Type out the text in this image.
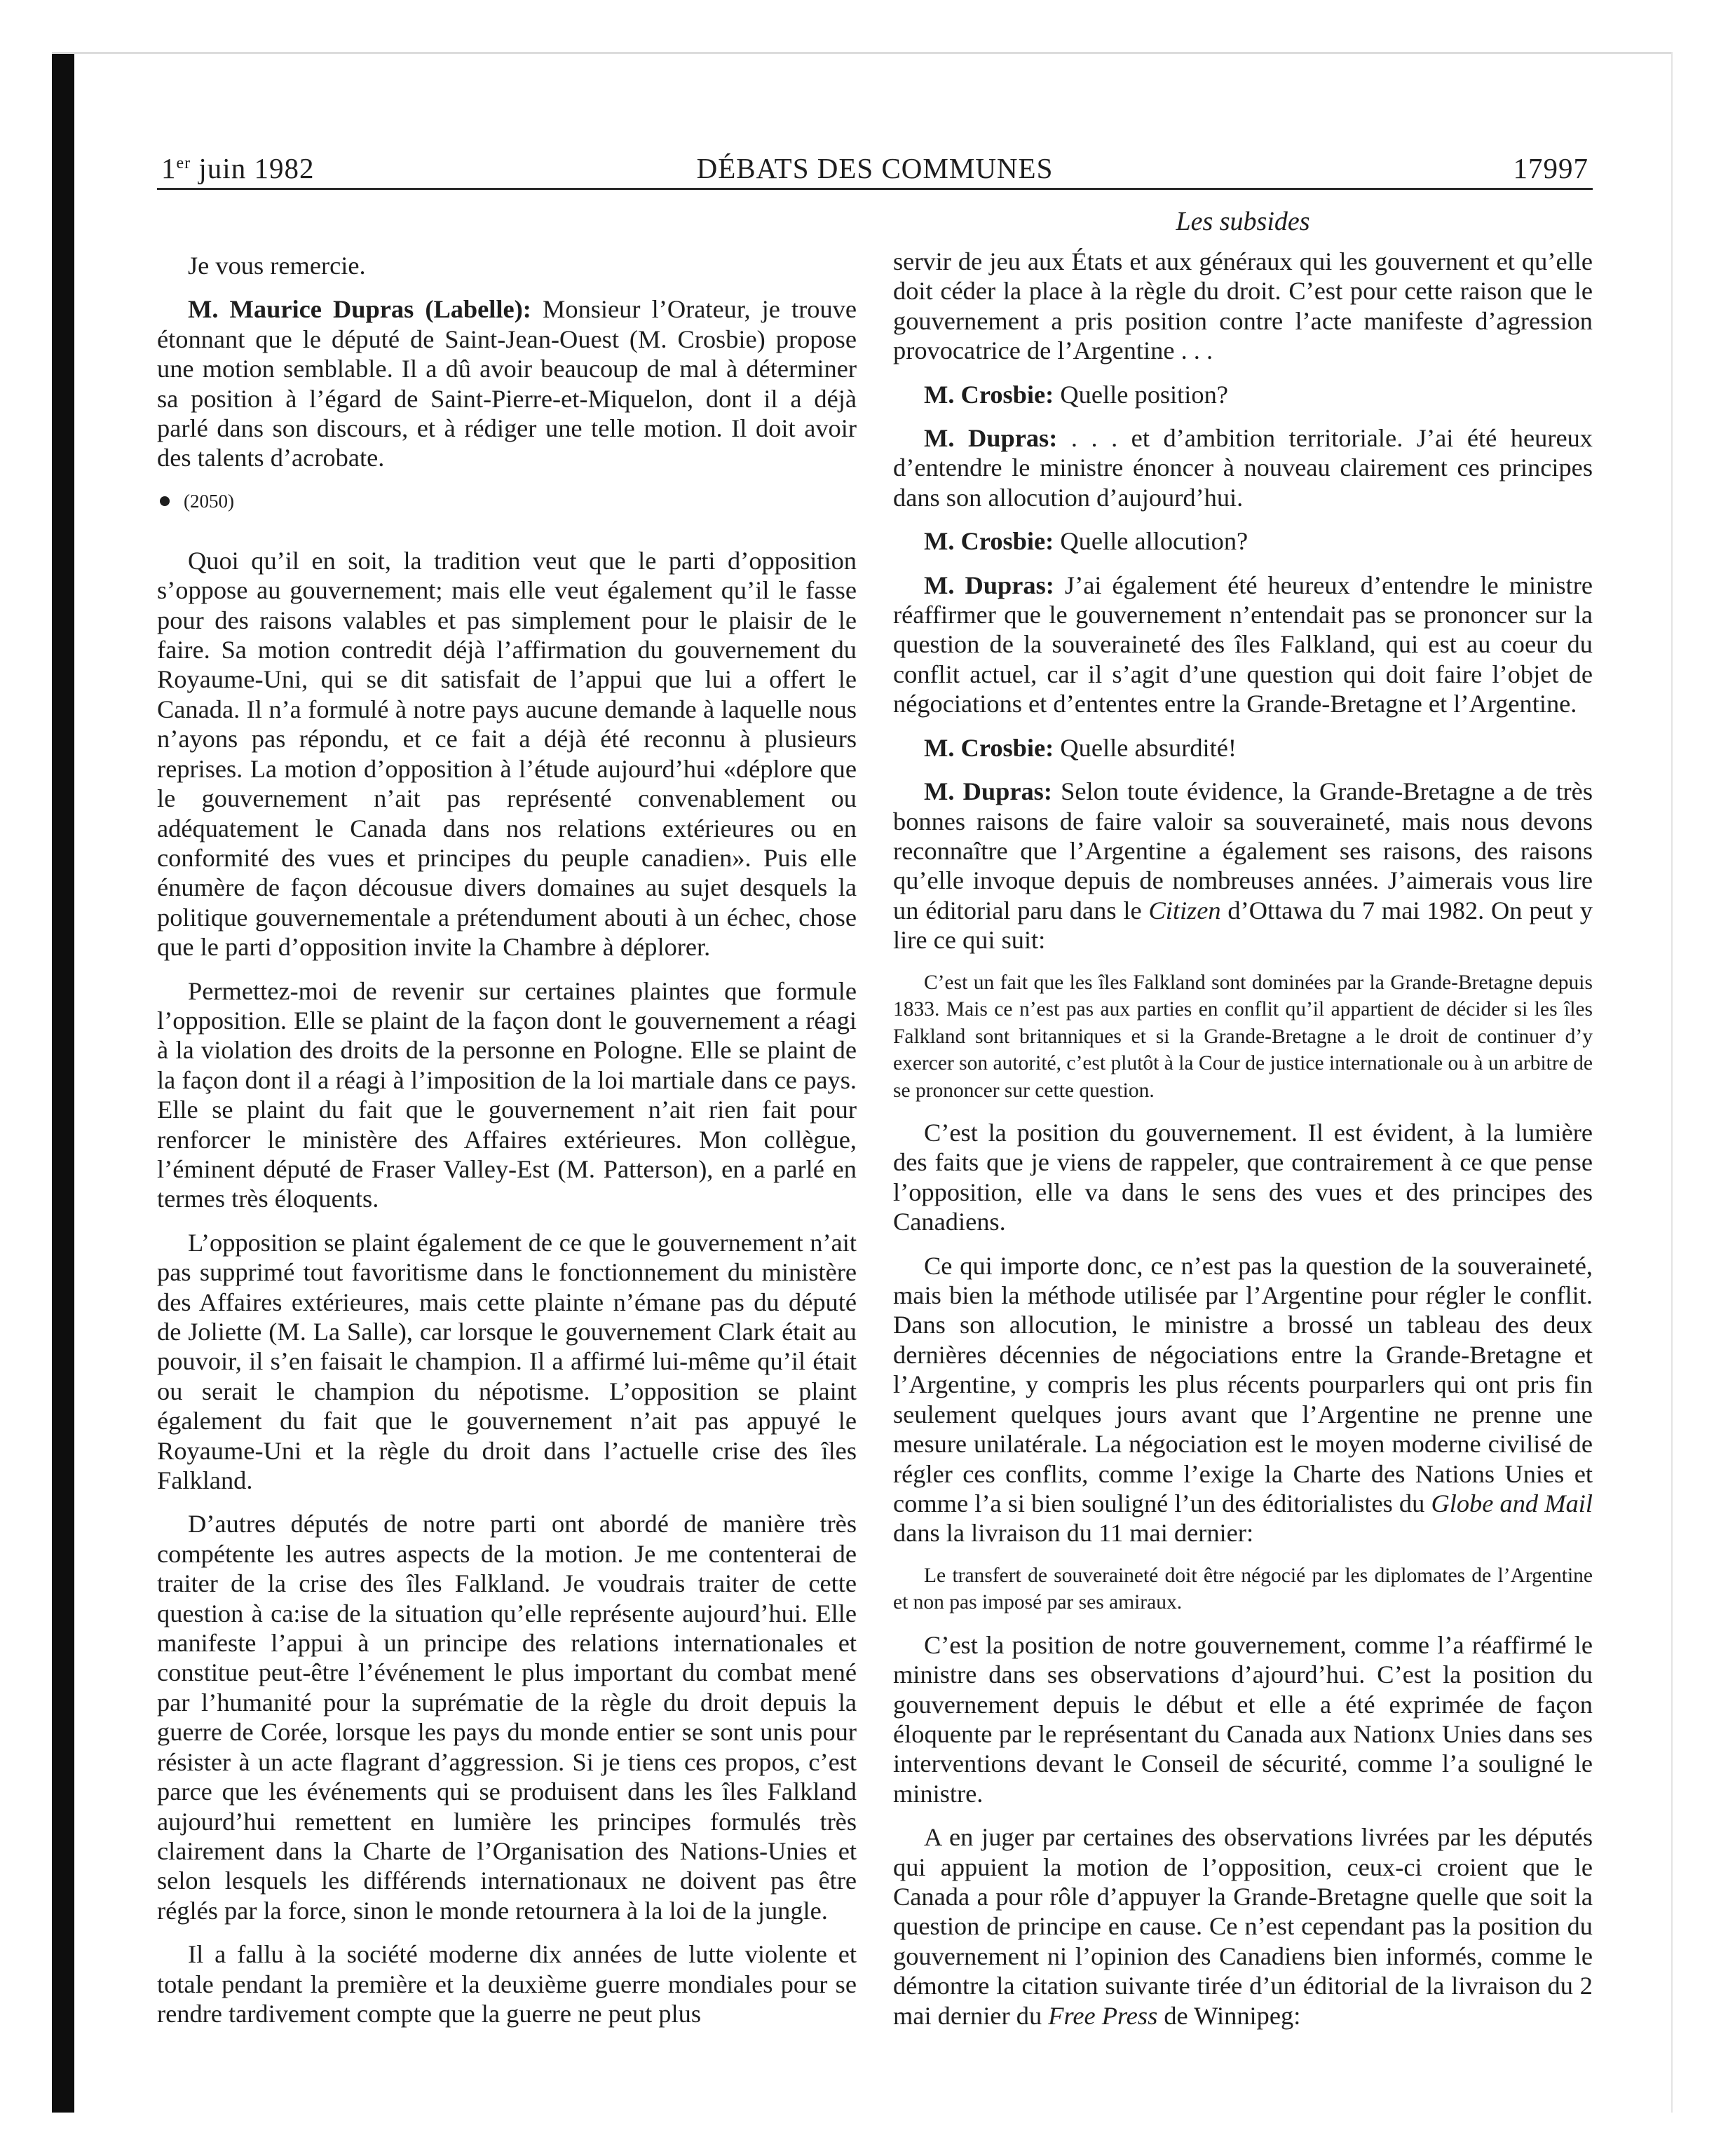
1er juin 1982	DÉBATS DES COMMUNES	17997
Les subsides

Je vous remercie.

M. Maurice Dupras (Labelle): Monsieur l’Orateur, je trouve étonnant que le député de Saint-Jean-Ouest (M. Crosbie) propose une motion semblable. Il a dû avoir beaucoup de mal à déterminer sa position à l’égard de Saint-Pierre-et-Miquelon, dont il a déjà parlé dans son discours, et à rédiger une telle motion. Il doit avoir des talents d’acrobate.

(2050)

Quoi qu’il en soit, la tradition veut que le parti d’opposition s’oppose au gouvernement; mais elle veut également qu’il le fasse pour des raisons valables et pas simplement pour le plaisir de le faire. Sa motion contredit déjà l’affirmation du gouvernement du Royaume-Uni, qui se dit satisfait de l’appui que lui a offert le Canada. Il n’a formulé à notre pays aucune demande à laquelle nous n’ayons pas répondu, et ce fait a déjà été reconnu à plusieurs reprises. La motion d’opposition à l’étude aujourd’hui «déplore que le gouvernement n’ait pas représenté convenablement ou adéquatement le Canada dans nos relations extérieures ou en conformité des vues et principes du peuple canadien». Puis elle énumère de façon décousue divers domaines au sujet desquels la politique gouvernementale a prétendument abouti à un échec, chose que le parti d’opposition invite la Chambre à déplorer.

Permettez-moi de revenir sur certaines plaintes que formule l’opposition. Elle se plaint de la façon dont le gouvernement a réagi à la violation des droits de la personne en Pologne. Elle se plaint de la façon dont il a réagi à l’imposition de la loi martiale dans ce pays. Elle se plaint du fait que le gouvernement n’ait rien fait pour renforcer le ministère des Affaires extérieures. Mon collègue, l’éminent député de Fraser Valley-Est (M. Patterson), en a parlé en termes très éloquents.

L’opposition se plaint également de ce que le gouvernement n’ait pas supprimé tout favoritisme dans le fonctionnement du ministère des Affaires extérieures, mais cette plainte n’émane pas du député de Joliette (M. La Salle), car lorsque le gouvernement Clark était au pouvoir, il s’en faisait le champion. Il a affirmé lui-même qu’il était ou serait le champion du népotisme. L’opposition se plaint également du fait que le gouvernement n’ait pas appuyé le Royaume-Uni et la règle du droit dans l’actuelle crise des îles Falkland.

D’autres députés de notre parti ont abordé de manière très compétente les autres aspects de la motion. Je me contenterai de traiter de la crise des îles Falkland. Je voudrais traiter de cette question à ca:ise de la situation qu’elle représente aujourd’hui. Elle manifeste l’appui à un principe des relations internationales et constitue peut-être l’événement le plus important du combat mené par l’humanité pour la suprématie de la règle du droit depuis la guerre de Corée, lorsque les pays du monde entier se sont unis pour résister à un acte flagrant d’aggression. Si je tiens ces propos, c’est parce que les événements qui se produisent dans les îles Falkland aujourd’hui remettent en lumière les principes formulés très clairement dans la Charte de l’Organisation des Nations-Unies et selon lesquels les différends internationaux ne doivent pas être réglés par la force, sinon le monde retournera à la loi de la jungle.

Il a fallu à la société moderne dix années de lutte violente et totale pendant la première et la deuxième guerre mondiales pour se rendre tardivement compte que la guerre ne peut plus

servir de jeu aux États et aux généraux qui les gouvernent et qu’elle doit céder la place à la règle du droit. C’est pour cette raison que le gouvernement a pris position contre l’acte manifeste d’agression provocatrice de l’Argentine . . .

M. Crosbie: Quelle position?

M. Dupras: . . . et d’ambition territoriale. J’ai été heureux d’entendre le ministre énoncer à nouveau clairement ces principes dans son allocution d’aujourd’hui.

M. Crosbie: Quelle allocution?

M. Dupras: J’ai également été heureux d’entendre le ministre réaffirmer que le gouvernement n’entendait pas se prononcer sur la question de la souveraineté des îles Falkland, qui est au coeur du conflit actuel, car il s’agit d’une question qui doit faire l’objet de négociations et d’ententes entre la Grande-Bretagne et l’Argentine.

M. Crosbie: Quelle absurdité!

M. Dupras: Selon toute évidence, la Grande-Bretagne a de très bonnes raisons de faire valoir sa souveraineté, mais nous devons reconnaître que l’Argentine a également ses raisons, des raisons qu’elle invoque depuis de nombreuses années. J’aimerais vous lire un éditorial paru dans le Citizen d’Ottawa du 7 mai 1982. On peut y lire ce qui suit:

C’est un fait que les îles Falkland sont dominées par la Grande-Bretagne depuis 1833. Mais ce n’est pas aux parties en conflit qu’il appartient de décider si les îles Falkland sont britanniques et si la Grande-Bretagne a le droit de continuer d’y exercer son autorité, c’est plutôt à la Cour de justice internationale ou à un arbitre de se prononcer sur cette question.

C’est la position du gouvernement. Il est évident, à la lumière des faits que je viens de rappeler, que contrairement à ce que pense l’opposition, elle va dans le sens des vues et des principes des Canadiens.

Ce qui importe donc, ce n’est pas la question de la souveraineté, mais bien la méthode utilisée par l’Argentine pour régler le conflit. Dans son allocution, le ministre a brossé un tableau des deux dernières décennies de négociations entre la Grande-Bretagne et l’Argentine, y compris les plus récents pourparlers qui ont pris fin seulement quelques jours avant que l’Argentine ne prenne une mesure unilatérale. La négociation est le moyen moderne civilisé de régler ces conflits, comme l’exige la Charte des Nations Unies et comme l’a si bien souligné l’un des éditorialistes du Globe and Mail dans la livraison du 11 mai dernier:

Le transfert de souveraineté doit être négocié par les diplomates de l’Argentine et non pas imposé par ses amiraux.

C’est la position de notre gouvernement, comme l’a réaffirmé le ministre dans ses observations d’ajourd’hui. C’est la position du gouvernement depuis le début et elle a été exprimée de façon éloquente par le représentant du Canada aux Nationx Unies dans ses interventions devant le Conseil de sécurité, comme l’a souligné le ministre.

A en juger par certaines des observations livrées par les députés qui appuient la motion de l’opposition, ceux-ci croient que le Canada a pour rôle d’appuyer la Grande-Bretagne quelle que soit la question de principe en cause. Ce n’est cependant pas la position du gouvernement ni l’opinion des Canadiens bien informés, comme le démontre la citation suivante tirée d’un éditorial de la livraison du 2 mai dernier du Free Press de Winnipeg:
